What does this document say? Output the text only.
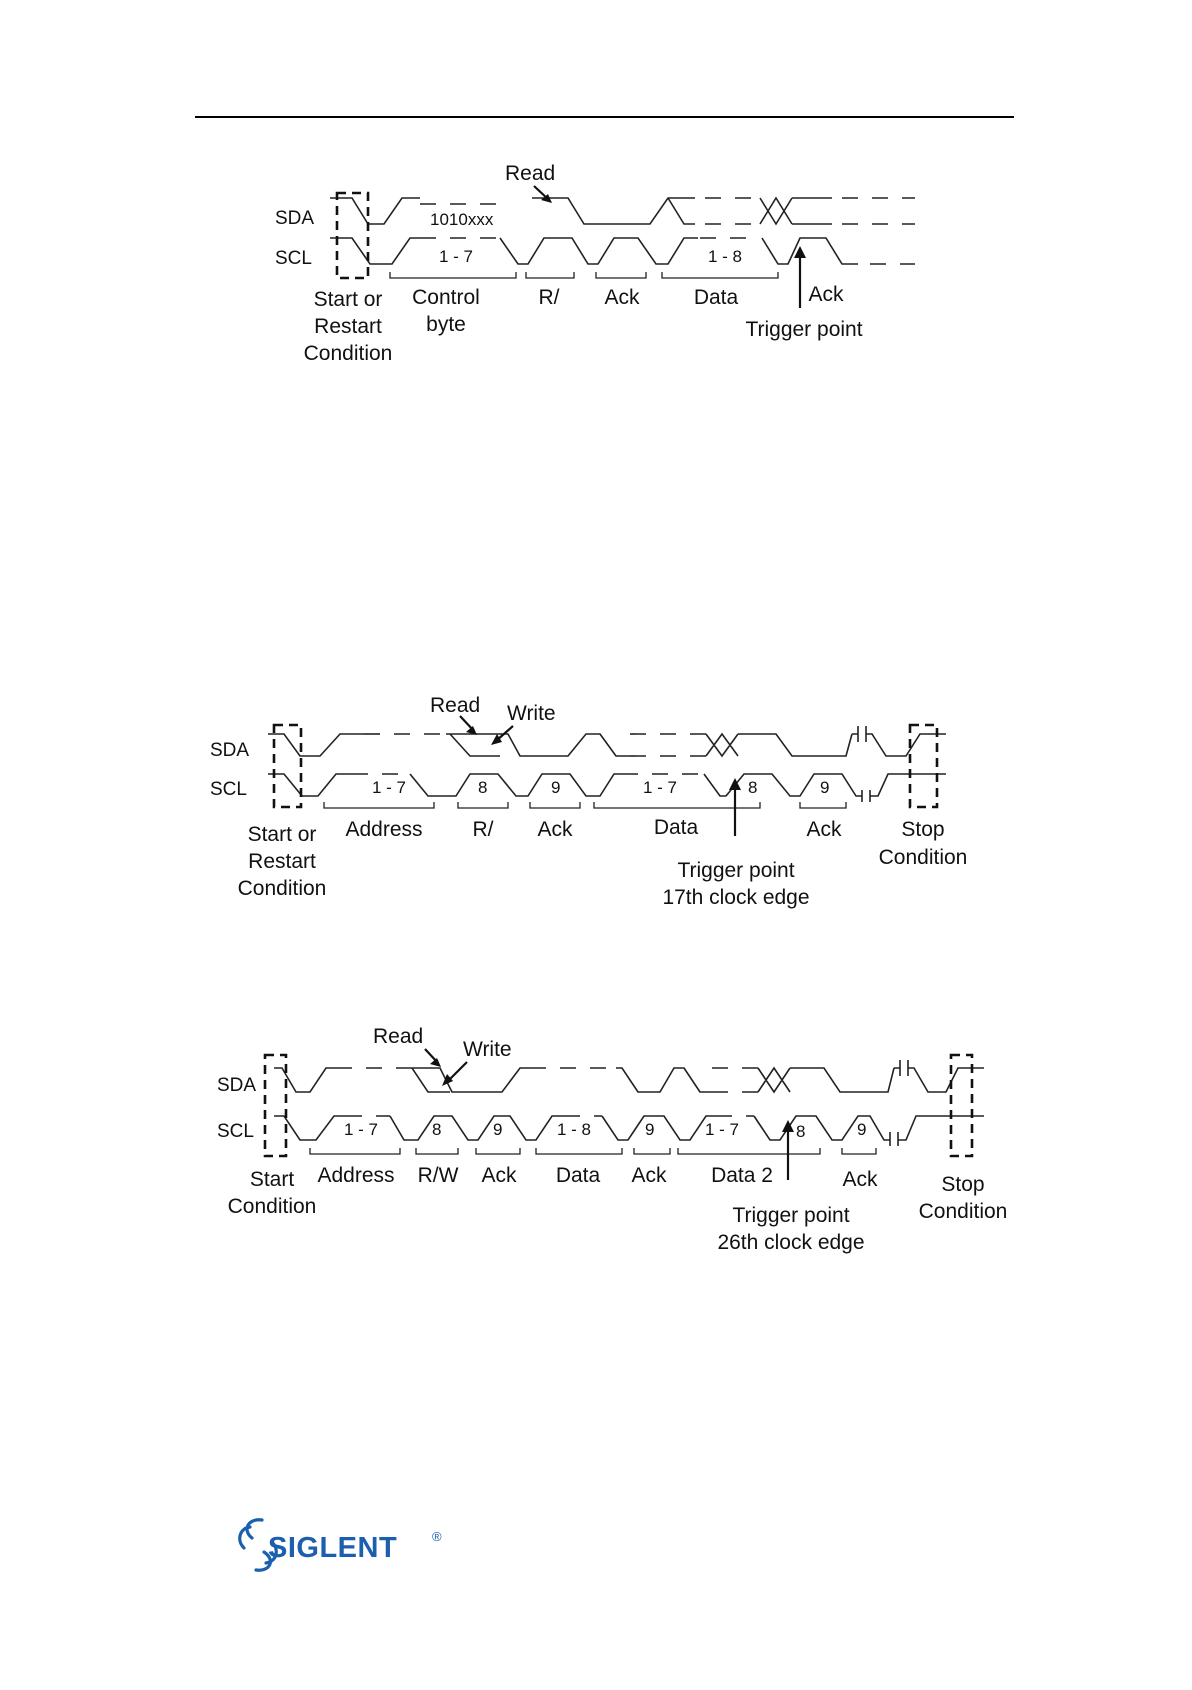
SDA
SCL	1 - 7	1 - 8
Read
1010xxx
Start or
Restart
Condition
Control
byte
R/ Ack	Data	Ack
Trigger point
SDA
SCL	1 - 7	8	9	1 - 7	8	9
Read Write
Start or
Restart
Condition
Address R/ Ack	Data	Ack	Stop
Condition
Trigger point
17th clock edge
SDA
SCL	1 - 7	8	9	1 - 8	9	1 - 7	8	9
Read
Write
Start
Condition
Address R/W Ack Data Ack Data 2	Ack	Stop
Condition
Trigger point
26th clock edge
SIGLENT	®
